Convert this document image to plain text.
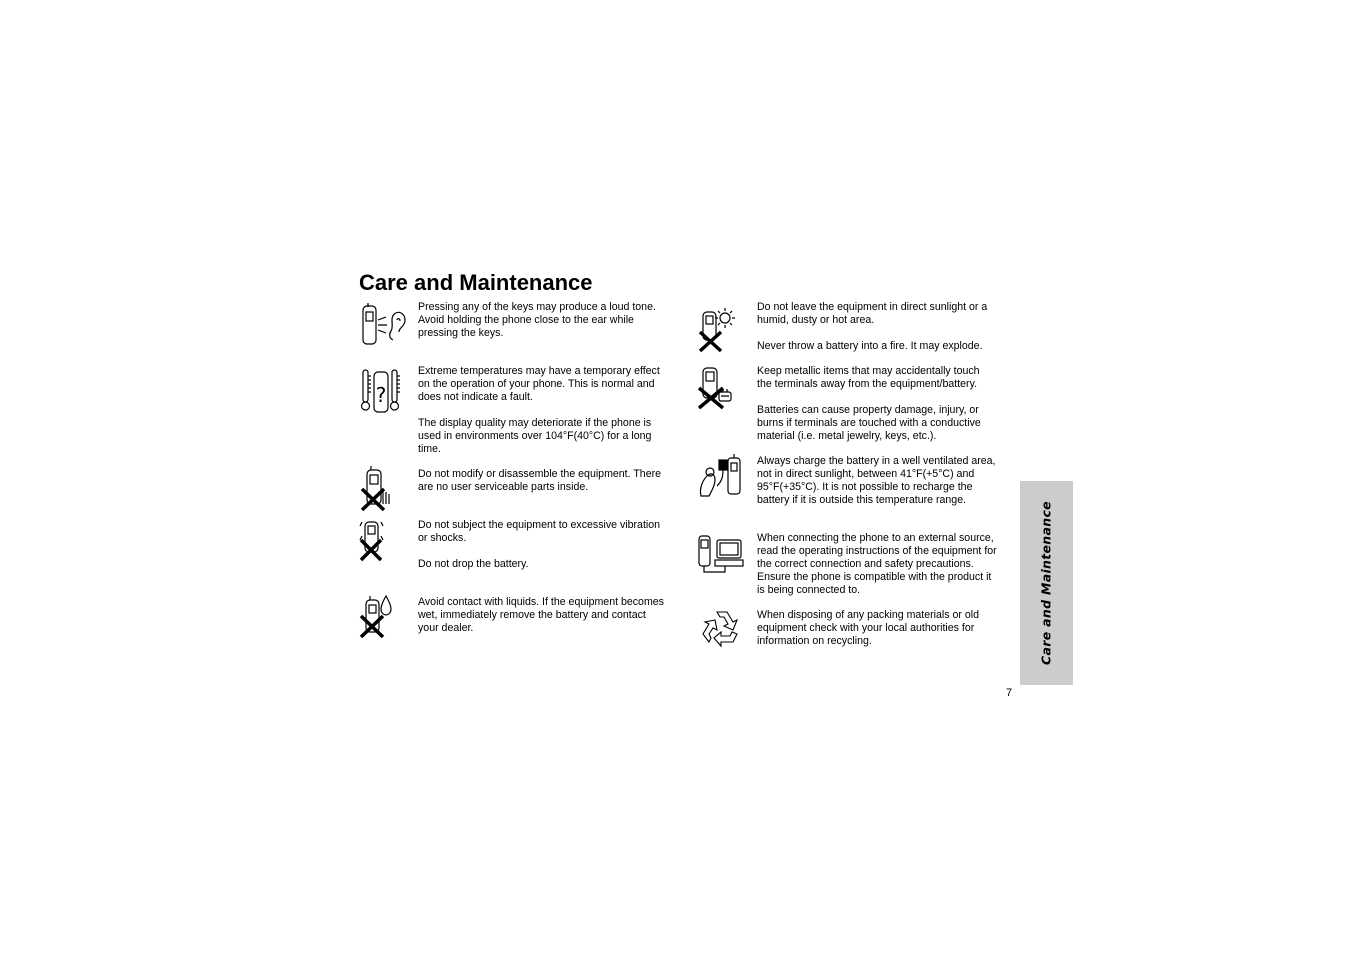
Care and Maintenance

Pressing any of the keys may produce a loud tone. Avoid holding the phone close to the ear while pressing the keys.

?

Extreme temperatures may have a temporary effect on the operation of your phone. This is normal and does not indicate a fault.

The display quality may deteriorate if the phone is used in environments over 104°F(40°C) for a long time.

Do not modify or disassemble the equipment. There are no user serviceable parts inside.

Do not subject the equipment to excessive vibration or shocks.

Do not drop the battery.

Avoid contact with liquids. If the equipment becomes wet, immediately remove the battery and contact your dealer.

Do not leave the equipment in direct sunlight or a humid, dusty or hot area.

Never throw a battery into a fire. It may explode.

Keep metallic items that may accidentally touch the terminals away from the equipment/battery.

Batteries can cause property damage, injury, or burns if terminals are touched with a conductive material (i.e. metal jewelry, keys, etc.).

Always charge the battery in a well ventilated area, not in direct sunlight, between 41°F(+5°C) and 95°F(+35°C). It is not possible to recharge the battery if it is outside this temperature range.

When connecting the phone to an external source, read the operating instructions of the equipment for the correct connection and safety precautions. Ensure the phone is compatible with the product it is being connected to.

When disposing of any packing materials or old equipment check with your local authorities for information on recycling.	Care and Maintenance
7
